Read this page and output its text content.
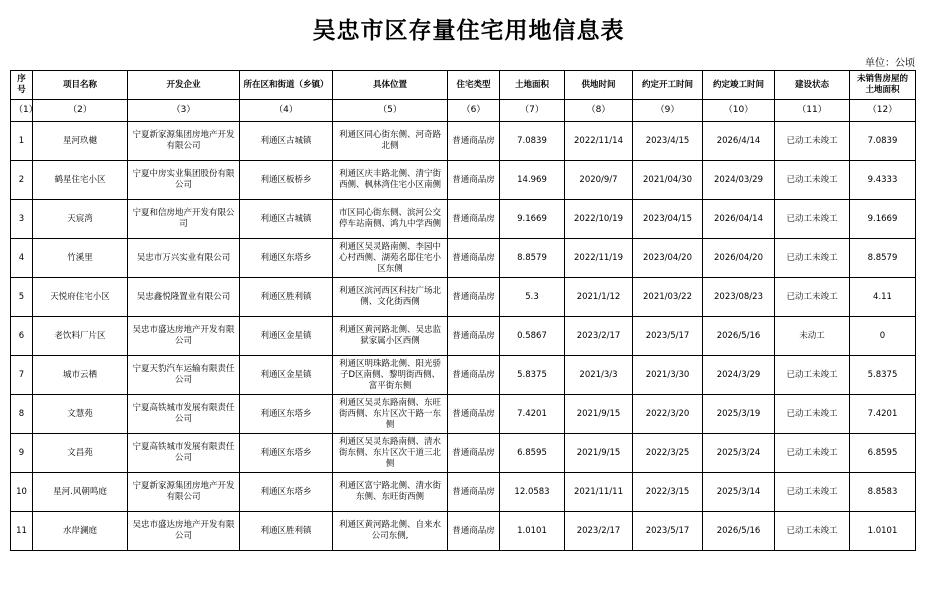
吴忠市区存量住宅用地信息表
单位：公顷
序号	项目名称	开发企业	所在区和街道（乡镇）	具体位置	住宅类型	土地面积	供地时间	约定开工时间	约定竣工时间	建设状态	未销售房屋的土地面积
（1）	（2）	（3）	（4）	（5）	（6）	（7）	（8）	（9）	（10）	（11）	（12）
1	星河玖樾	宁夏新家源集团房地产开发有限公司	利通区古城镇	利通区同心街东侧、河奇路北侧	普通商品房	7.0839	2022/11/14	2023/4/15	2026/4/14	已动工未竣工	7.0839
2	鹤星住宅小区	宁夏中房实业集团股份有限公司	利通区板桥乡	利通区庆丰路北侧、清宁街西侧、枫林湾住宅小区南侧	普通商品房	14.969	2020/9/7	2021/04/30	2024/03/29	已动工未竣工	9.4333
3	天宸湾	宁夏和信房地产开发有限公司	利通区古城镇	市区同心街东侧、滨河公交停车站南侧、鸿九中学西侧	普通商品房	9.1669	2022/10/19	2023/04/15	2026/04/14	已动工未竣工	9.1669
4	竹溪里	吴忠市万兴实业有限公司	利通区东塔乡	利通区吴灵路南侧、李园中心村西侧、湖苑名邸住宅小区东侧	普通商品房	8.8579	2022/11/19	2023/04/20	2026/04/20	已动工未竣工	8.8579
5	天悦府住宅小区	吴忠鑫悦隆置业有限公司	利通区胜利镇	利通区滨河西区科技广场北侧、文化街西侧	普通商品房	5.3	2021/1/12	2021/03/22	2023/08/23	已动工未竣工	4.11
6	老饮料厂片区	吴忠市盛达房地产开发有限公司	利通区金星镇	利通区黄河路北侧、吴忠监狱家属小区西侧	普通商品房	0.5867	2023/2/17	2023/5/17	2026/5/16	未动工	0
7	城市云栖	宁夏天豹汽车运输有限责任公司	利通区金星镇	利通区明珠路北侧、阳光骄子D区南侧、黎明街西侧、富平街东侧	普通商品房	5.8375	2021/3/3	2021/3/30	2024/3/29	已动工未竣工	5.8375
8	文慧苑	宁夏高铁城市发展有限责任公司	利通区东塔乡	利通区吴灵东路南侧、东旺街西侧、东片区次干路一东侧	普通商品房	7.4201	2021/9/15	2022/3/20	2025/3/19	已动工未竣工	7.4201
9	文昌苑	宁夏高铁城市发展有限责任公司	利通区东塔乡	利通区吴灵东路南侧、清水街东侧、东片区次干道三北侧	普通商品房	6.8595	2021/9/15	2022/3/25	2025/3/24	已动工未竣工	6.8595
10	星河.风朝鸣庭	宁夏新家源集团房地产开发有限公司	利通区东塔乡	利通区富宁路北侧、清水街东侧、东旺街西侧	普通商品房	12.0583	2021/11/11	2022/3/15	2025/3/14	已动工未竣工	8.8583
11	水岸澜庭	吴忠市盛达房地产开发有限公司	利通区胜利镇	利通区黄河路北侧、自来水公司东侧,	普通商品房	1.0101	2023/2/17	2023/5/17	2026/5/16	已动工未竣工	1.0101
